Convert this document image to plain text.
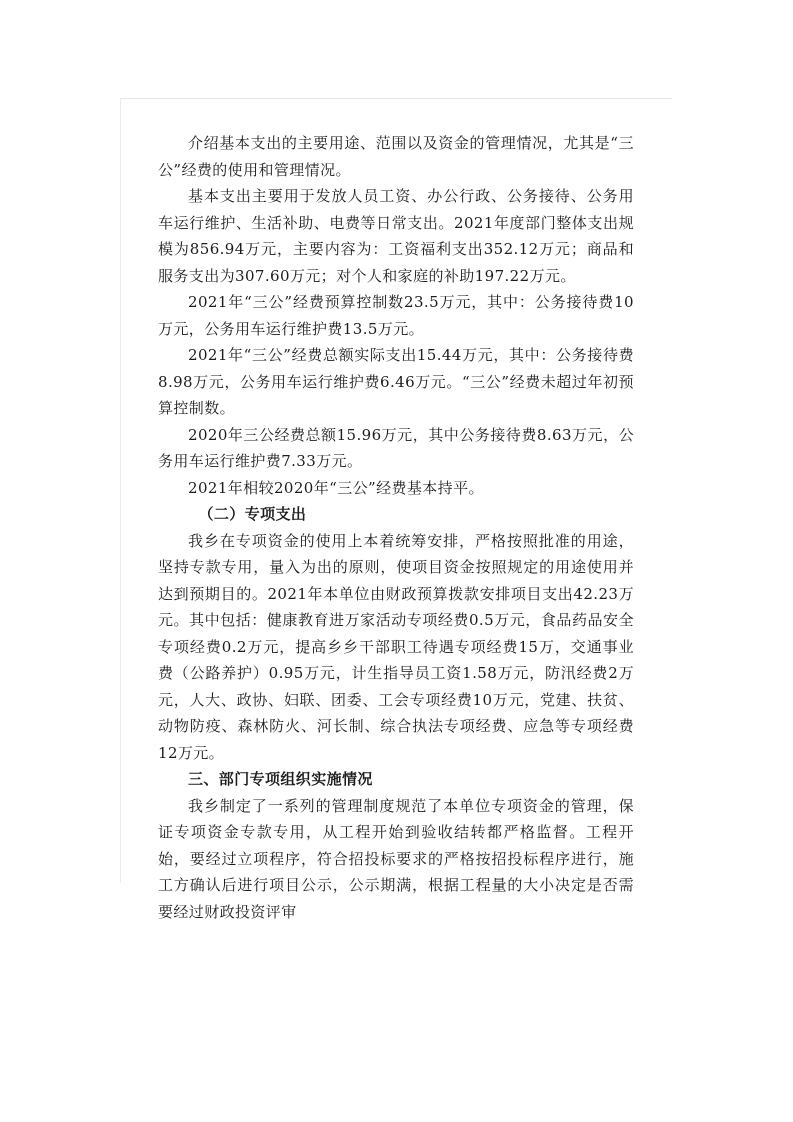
介绍基本支出的主要用途、范围以及资金的管理情况，尤其是“三公”经费的使用和管理情况。

基本支出主要用于发放人员工资、办公行政、公务接待、公务用车运行维护、生活补助、电费等日常支出。2021年度部门整体支出规模为856.94万元，主要内容为：工资福利支出352.12万元；商品和服务支出为307.60万元；对个人和家庭的补助197.22万元。

2021年“三公”经费预算控制数23.5万元，其中：公务接待费10万元，公务用车运行维护费13.5万元。

2021年“三公”经费总额实际支出15.44万元，其中：公务接待费8.98万元，公务用车运行维护费6.46万元。“三公”经费未超过年初预算控制数。

2020年三公经费总额15.96万元，其中公务接待费8.63万元，公务用车运行维护费7.33万元。

2021年相较2020年“三公”经费基本持平。

（二）专项支出

我乡在专项资金的使用上本着统筹安排，严格按照批准的用途，坚持专款专用，量入为出的原则，使项目资金按照规定的用途使用并达到预期目的。2021年本单位由财政预算拨款安排项目支出42.23万元。其中包括：健康教育进万家活动专项经费0.5万元，食品药品安全专项经费0.2万元，提高乡乡干部职工待遇专项经费15万，交通事业费（公路养护）0.95万元，计生指导员工资1.58万元，防汛经费2万元，人大、政协、妇联、团委、工会专项经费10万元，党建、扶贫、动物防疫、森林防火、河长制、综合执法专项经费、应急等专项经费12万元。

三、部门专项组织实施情况

我乡制定了一系列的管理制度规范了本单位专项资金的管理，保证专项资金专款专用，从工程开始到验收结转都严格监督。工程开始，要经过立项程序，符合招投标要求的严格按招投标程序进行，施工方确认后进行项目公示，公示期满，根据工程量的大小决定是否需要经过财政投资评审
